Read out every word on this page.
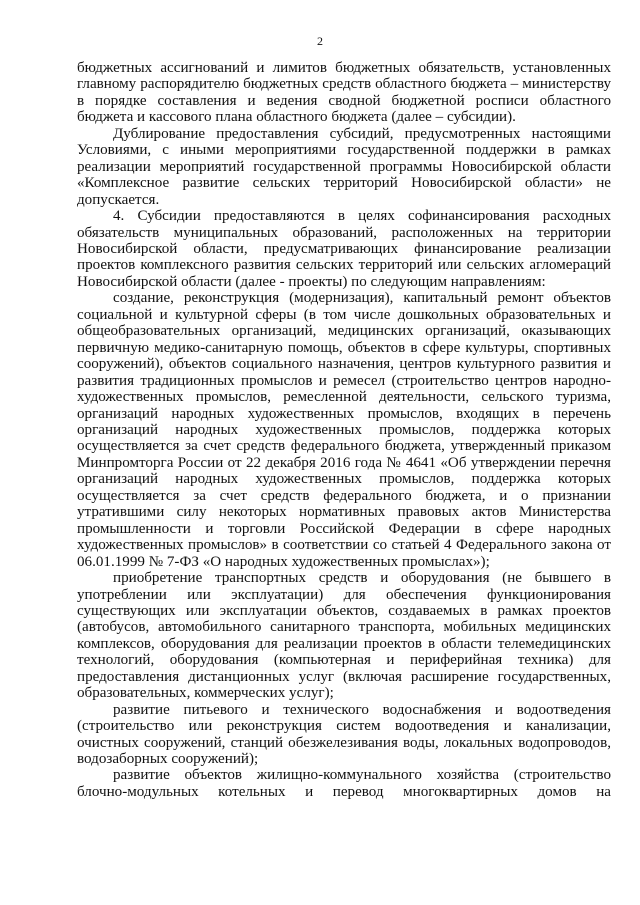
2

бюджетных ассигнований и лимитов бюджетных обязательств, установленных главному распорядителю бюджетных средств областного бюджета – министерству в порядке составления и ведения сводной бюджетной росписи областного бюджета и кассового плана областного бюджета (далее – субсидии).

Дублирование предоставления субсидий, предусмотренных настоящими Условиями, с иными мероприятиями государственной поддержки в рамках реализации мероприятий государственной программы Новосибирской области «Комплексное развитие сельских территорий Новосибирской области» не допускается.

4. Субсидии предоставляются в целях софинансирования расходных обязательств муниципальных образований, расположенных на территории Новосибирской области, предусматривающих финансирование реализации проектов комплексного развития сельских территорий или сельских агломераций Новосибирской области (далее - проекты) по следующим направлениям:

создание, реконструкция (модернизация), капитальный ремонт объектов социальной и культурной сферы (в том числе дошкольных образовательных и общеобразовательных организаций, медицинских организаций, оказывающих первичную медико-санитарную помощь, объектов в сфере культуры, спортивных сооружений), объектов социального назначения, центров культурного развития и развития традиционных промыслов и ремесел (строительство центров народно-художественных промыслов, ремесленной деятельности, сельского туризма, организаций народных художественных промыслов, входящих в перечень организаций народных художественных промыслов, поддержка которых осуществляется за счет средств федерального бюджета, утвержденный приказом Минпромторга России от 22 декабря 2016 года № 4641 «Об утверждении перечня организаций народных художественных промыслов, поддержка которых осуществляется за счет средств федерального бюджета, и о признании утратившими силу некоторых нормативных правовых актов Министерства промышленности и торговли Российской Федерации в сфере народных художественных промыслов» в соответствии со статьей 4 Федерального закона от 06.01.1999 № 7-ФЗ «О народных художественных промыслах»);

приобретение транспортных средств и оборудования (не бывшего в употреблении или эксплуатации) для обеспечения функционирования существующих или эксплуатации объектов, создаваемых в рамках проектов (автобусов, автомобильного санитарного транспорта, мобильных медицинских комплексов, оборудования для реализации проектов в области телемедицинских технологий, оборудования (компьютерная и периферийная техника) для предоставления дистанционных услуг (включая расширение государственных, образовательных, коммерческих услуг);

развитие питьевого и технического водоснабжения и водоотведения (строительство или реконструкция систем водоотведения и канализации, очистных сооружений, станций обезжелезивания воды, локальных водопроводов, водозаборных сооружений);

развитие объектов жилищно-коммунального хозяйства (строительство блочно-модульных котельных и перевод многоквартирных домов на
